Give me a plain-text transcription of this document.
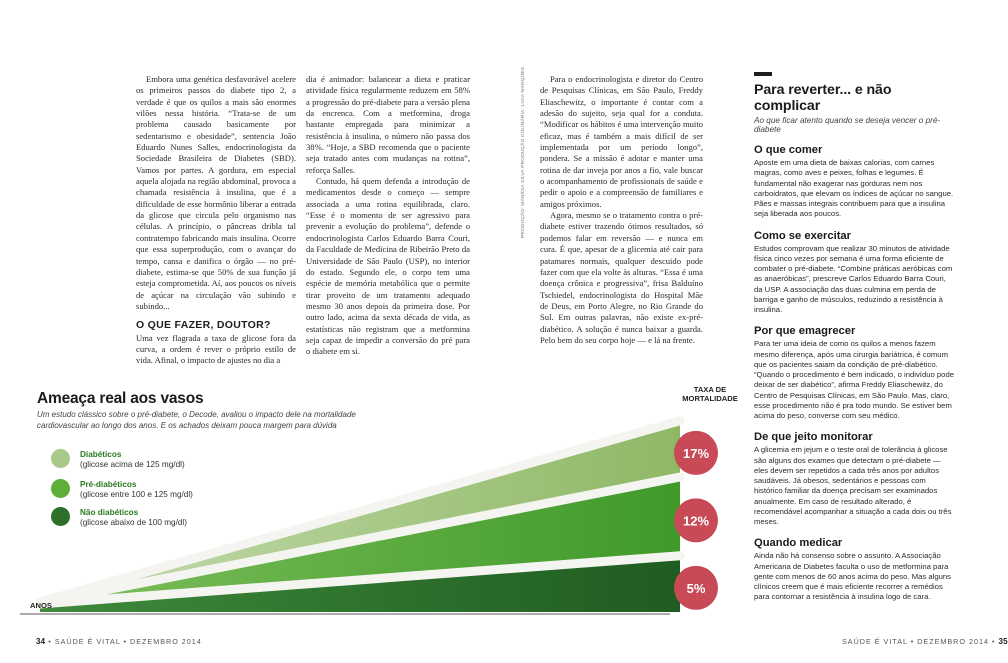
Embora uma genética desfavorável acelere os primeiros passos do diabete tipo 2, a verdade é que os quilos a mais são enormes vilões nessa história. “Trata-se de um problema causado basicamente por sedentarismo e obesidade”, sentencia João Eduardo Nunes Salles, endocrinologista da Sociedade Brasileira de Diabetes (SBD). Vamos por partes. A gordura, em especial aquela alojada na região abdominal, provoca a chamada resistência à insulina, que é a dificuldade de esse hormônio liberar a entrada da glicose que circula pelo organismo nas células. A princípio, o pâncreas dribla tal contratempo fabricando mais insulina. Ocorre que essa superprodução, com o avançar do tempo, cansa e danifica o órgão — no pré-diabete, estima-se que 50% de sua função já esteja comprometida. Aí, aos poucos os níveis de açúcar na circulação vão subindo e subindo...

O QUE FAZER, DOUTOR?

Uma vez flagrada a taxa de glicose fora da curva, a ordem é rever o próprio estilo de vida. Afinal, o impacto de ajustes no dia a

dia é animador: balancear a dieta e praticar atividade física regularmente reduzem em 58% a progressão do pré-diabete para a versão plena da encrenca. Com a metformina, droga bastante empregada para minimizar a resistência à insulina, o número não passa dos 38%. “Hoje, a SBD recomenda que o paciente seja tratado antes com mudanças na rotina”, reforça Salles.

Contudo, há quem defenda a introdução de medicamentos desde o começo — sempre associada a uma rotina equilibrada, claro. “Esse é o momento de ser agressivo para prevenir a evolução do problema”, defende o endocrinologista Carlos Eduardo Barra Couri, da Faculdade de Medicina de Ribeirão Preto da Universidade de São Paulo (USP), no interior do estado. Segundo ele, o corpo tem uma espécie de memória metabólica que o permite tirar proveito de um tratamento adequado mesmo 30 anos depois da primeira dose. Por outro lado, acima da sexta década de vida, as estatísticas não registram que a metformina seja capaz de impedir a conversão do pré para o diabete em si.

Para o endocrinologista e diretor do Centro de Pesquisas Clínicas, em São Paulo, Freddy Eliaschewitz, o importante é contar com a adesão do sujeito, seja qual for a conduta. “Modificar os hábitos é uma intervenção muito eficaz, mas é também a mais difícil de ser implementada por um período longo”, pondera. Se a missão é adotar e manter uma rotina de dar inveja por anos a fio, vale buscar o acompanhamento de profissionais de saúde e pedir o apoio e a compreensão de familiares e amigos próximos.

Agora, mesmo se o tratamento contra o pré-diabete estiver trazendo ótimos resultados, só podemos falar em reversão — e nunca em cura. É que, apesar de a glicemia até cair para patamares normais, qualquer descuido pode fazer com que ela volte às alturas. “Essa é uma doença crônica e progressiva”, frisa Balduíno Tschiedel, endocrinologista do Hospital Mãe de Deus, em Porto Alegre, no Rio Grande do Sul. Em outras palavras, não existe ex-pré-diabético. A solução é nunca baixar a guarda. Pelo bem do seu corpo hoje — e lá na frente.

PRODUÇÃO: MANÍDIA SILVA PRODUÇÃO CULINÁRIA: LIVIA MARQUES	Para reverter... e não complicar
Ao que ficar atento quando se deseja vencer o pré-diabete
O que comer
Aposte em uma dieta de baixas calorias, com carnes magras, como aves e peixes, folhas e legumes. É fundamental não exagerar nas gorduras nem nos carboidratos, que elevam os índices de açúcar no sangue. Pães e massas integrais contribuem para que a insulina seja liberada aos poucos.
Como se exercitar
Estudos comprovam que realizar 30 minutos de atividade física cinco vezes por semana é uma forma eficiente de combater o pré-diabete. “Combine práticas aeróbicas com as anaeróbicas”, prescreve Carlos Eduardo Barra Couri, da USP. A associação das duas culmina em perda de barriga e ganho de músculos, reduzindo a resistência à insulina.
Por que emagrecer
Para ter uma ideia de como os quilos a menos fazem mesmo diferença, após uma cirurgia bariátrica, é comum que os pacientes saiam da condição de pré-diabético. “Quando o procedimento é bem indicado, o indivíduo pode deixar de ser diabético”, afirma Freddy Eliaschewitz, do Centro de Pesquisas Clínicas, em São Paulo. Mas, claro, esse procedimento não é pra todo mundo. Se estiver bem acima do peso, converse com seu médico.
De que jeito monitorar
A glicemia em jejum e o teste oral de tolerância à glicose são alguns dos exames que detectam o pré-diabete — eles devem ser repetidos a cada três anos por adultos saudáveis. Já obesos, sedentários e pessoas com histórico familiar da doença precisam ser examinados anualmente. Em caso de resultado alterado, é recomendável acompanhar a situação a cada dois ou três meses.
Quando medicar
Ainda não há consenso sobre o assunto. A Associação Americana de Diabetes faculta o uso de metformina para gente com menos de 60 anos acima do peso. Mas alguns clínicos creem que é mais eficiente recorrer a remédios para contornar a resistência à insulina logo de cara.
17%
12%
5%
Ameaça real aos vasos
Um estudo clássico sobre o pré-diabete, o Decode, avaliou o impacto dele na mortalidade cardiovascular ao longo dos anos. E os achados deixam pouca margem para dúvida
Diabéticos
(glicose acima de 125 mg/dl)
Pré-diabéticos
(glicose entre 100 e 125 mg/dl)
Não diabéticos
(glicose abaixo de 100 mg/dl)
TAXA DE MORTALIDADE
ANOS
34 • SAÚDE É VITAL • DEZEMBRO 2014	SAÚDE É VITAL • DEZEMBRO 2014 • 35
